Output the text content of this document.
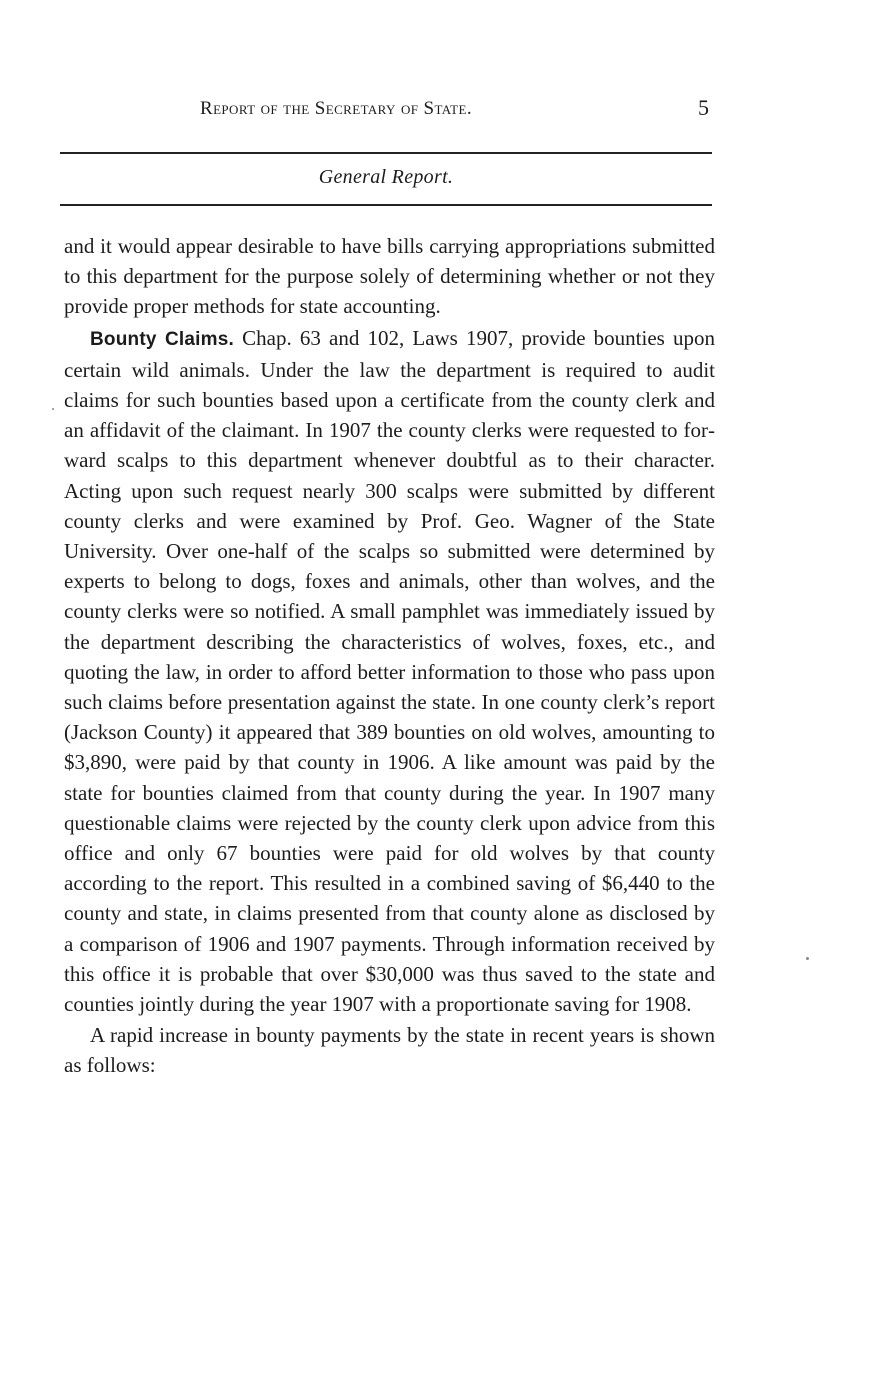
Report of the Secretary of State.	5
General Report.

and it would appear desirable to have bills carrying appropriations submitted to this department for the purpose solely of determining whether or not they provide proper methods for state accounting.

Bounty Claims. Chap. 63 and 102, Laws 1907, provide bounties upon certain wild animals. Under the law the department is required to audit claims for such bounties based upon a certificate from the county clerk and an affidavit of the claimant. In 1907 the county clerks were requested to forward scalps to this department whenever doubtful as to their character. Acting upon such request nearly 300 scalps were submitted by different county clerks and were examined by Prof. Geo. Wagner of the State University. Over one-half of the scalps so submitted were determined by experts to belong to dogs, foxes and animals, other than wolves, and the county clerks were so notified. A small pamphlet was immediately issued by the department describing the characteristics of wolves, foxes, etc., and quoting the law, in order to afford better information to those who pass upon such claims before presentation against the state. In one county clerk’s report (Jackson County) it appeared that 389 bounties on old wolves, amounting to $3,890, were paid by that county in 1906. A like amount was paid by the state for bounties claimed from that county during the year. In 1907 many questionable claims were rejected by the county clerk upon advice from this office and only 67 bounties were paid for old wolves by that county according to the report. This resulted in a combined saving of $6,440 to the county and state, in claims presented from that county alone as disclosed by a comparison of 1906 and 1907 payments. Through information received by this office it is probable that over $30,000 was thus saved to the state and counties jointly during the year 1907 with a proportionate saving for 1908.

A rapid increase in bounty payments by the state in recent years is shown as follows:
